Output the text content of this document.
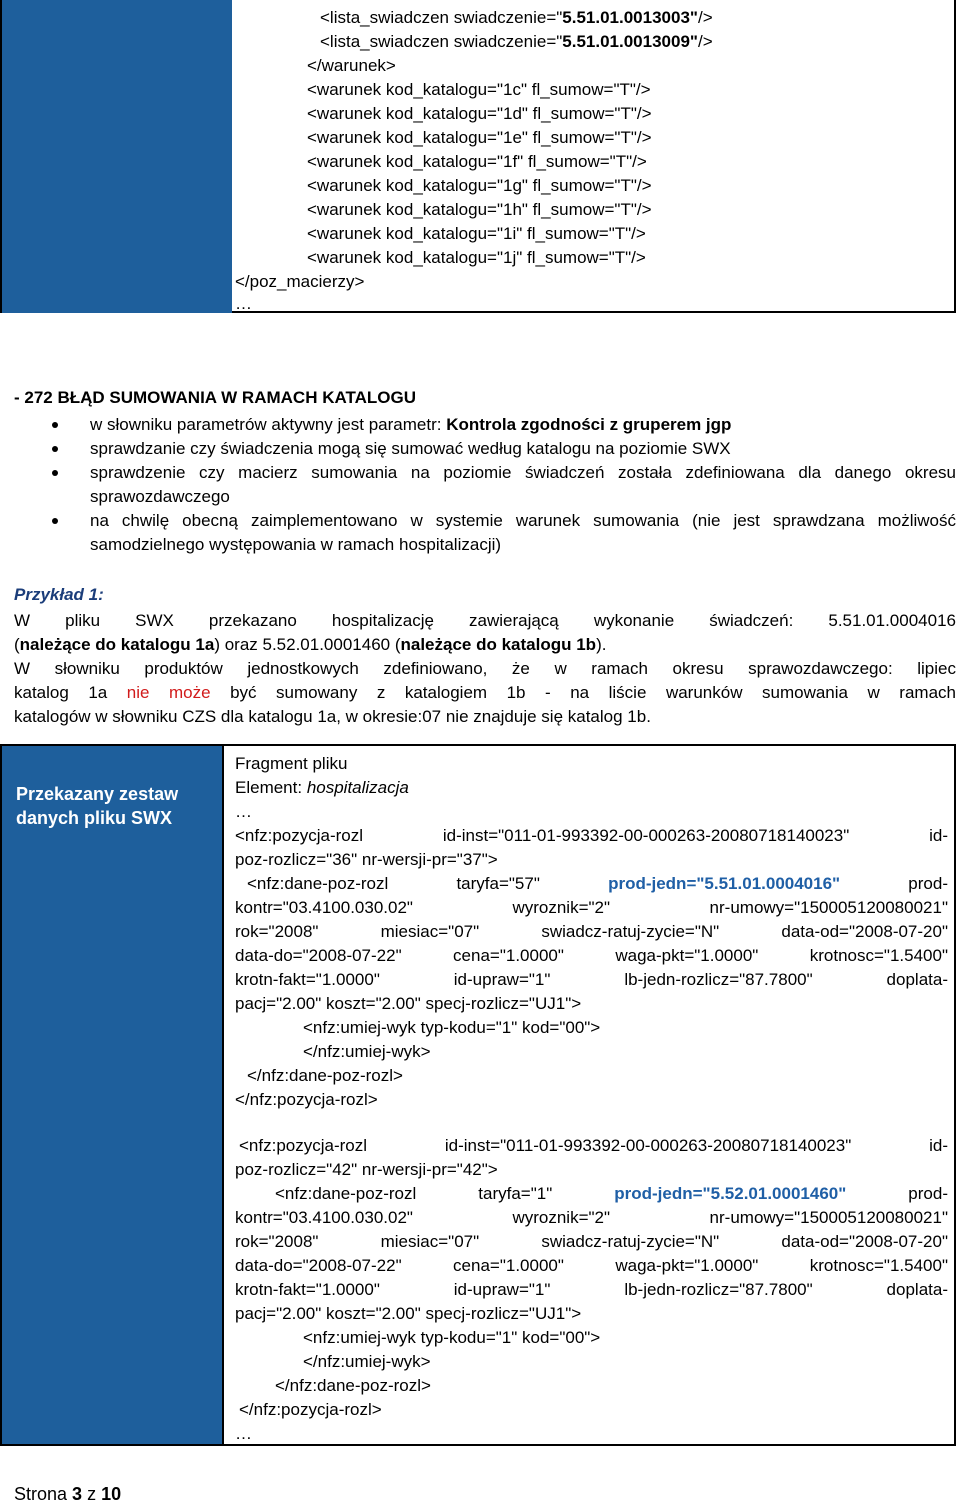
<lista_swiadczen swiadczenie="5.51.01.0013003"/>
<lista_swiadczen swiadczenie="5.51.01.0013009"/>
</warunek>
<warunek kod_katalogu="1c" fl_sumow="T"/>
<warunek kod_katalogu="1d" fl_sumow="T"/>
<warunek kod_katalogu="1e" fl_sumow="T"/>
<warunek kod_katalogu="1f" fl_sumow="T"/>
<warunek kod_katalogu="1g" fl_sumow="T"/>
<warunek kod_katalogu="1h" fl_sumow="T"/>
<warunek kod_katalogu="1i" fl_sumow="T"/>
<warunek kod_katalogu="1j" fl_sumow="T"/>
</poz_macierzy>
…
- 272 BŁĄD SUMOWANIA W RAMACH KATALOGU
w słowniku parametrów aktywny jest parametr: Kontrola zgodności z gruperem jgp
sprawdzanie czy świadczenia mogą się sumować według katalogu na poziomie SWX
sprawdzenie czy macierz sumowania na poziomie świadczeń została zdefiniowana dla danego okresu sprawozdawczego
na chwilę obecną zaimplementowano w systemie warunek sumowania (nie jest sprawdzana możliwość samodzielnego występowania w ramach hospitalizacji)
Przykład 1:
W pliku SWX przekazano hospitalizację zawierającą wykonanie świadczeń: 5.51.01.0004016
(należące do katalogu 1a) oraz 5.52.01.0001460 (należące do katalogu 1b).
W słowniku produktów jednostkowych zdefiniowano, że w ramach okresu sprawozdawczego: lipiec
katalog 1a nie może być sumowany z katalogiem 1b - na liście warunków sumowania w ramach
katalogów w słowniku CZS dla katalogu 1a, w okresie:07 nie znajduje się katalog 1b.
Przekazany zestaw danych pliku SWX
Fragment pliku
Element: hospitalizacja
…
<nfz:pozycja-rozl id-inst="011-01-993392-00-000263-20080718140023" id-
poz-rozlicz="36" nr-wersji-pr="37">
<nfz:dane-poz-rozl taryfa="57" prod-jedn="5.51.01.0004016" prod-
kontr="03.4100.030.02" wyroznik="2" nr-umowy="150005120080021"
rok="2008" miesiac="07" swiadcz-ratuj-zycie="N" data-od="2008-07-20"
data-do="2008-07-22" cena="1.0000" waga-pkt="1.0000" krotnosc="1.5400"
krotn-fakt="1.0000" id-upraw="1" lb-jedn-rozlicz="87.7800" doplata-
pacj="2.00" koszt="2.00" specj-rozlicz="UJ1">
<nfz:umiej-wyk typ-kodu="1" kod="00">
</nfz:umiej-wyk>
</nfz:dane-poz-rozl>
</nfz:pozycja-rozl>
<nfz:pozycja-rozl id-inst="011-01-993392-00-000263-20080718140023" id-
poz-rozlicz="42" nr-wersji-pr="42">
<nfz:dane-poz-rozl taryfa="1" prod-jedn="5.52.01.0001460" prod-
kontr="03.4100.030.02" wyroznik="2" nr-umowy="150005120080021"
rok="2008" miesiac="07" swiadcz-ratuj-zycie="N" data-od="2008-07-20"
data-do="2008-07-22" cena="1.0000" waga-pkt="1.0000" krotnosc="1.5400"
krotn-fakt="1.0000" id-upraw="1" lb-jedn-rozlicz="87.7800" doplata-
pacj="2.00" koszt="2.00" specj-rozlicz="UJ1">
<nfz:umiej-wyk typ-kodu="1" kod="00">
</nfz:umiej-wyk>
</nfz:dane-poz-rozl>
</nfz:pozycja-rozl>
…
Strona 3 z 10
